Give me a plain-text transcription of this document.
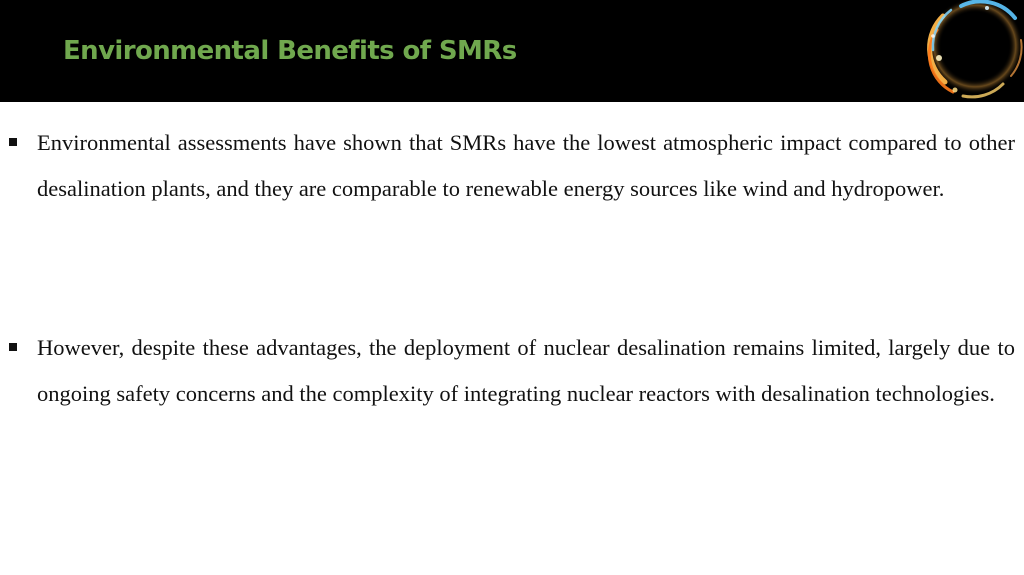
Environmental Benefits of SMRs
Environmental assessments have shown that SMRs have the lowest atmospheric impact compared to other desalination plants, and they are comparable to renewable energy sources like wind and hydropower.
However, despite these advantages, the deployment of nuclear desalination remains limited, largely due to ongoing safety concerns and the complexity of integrating nuclear reactors with desalination technologies.
